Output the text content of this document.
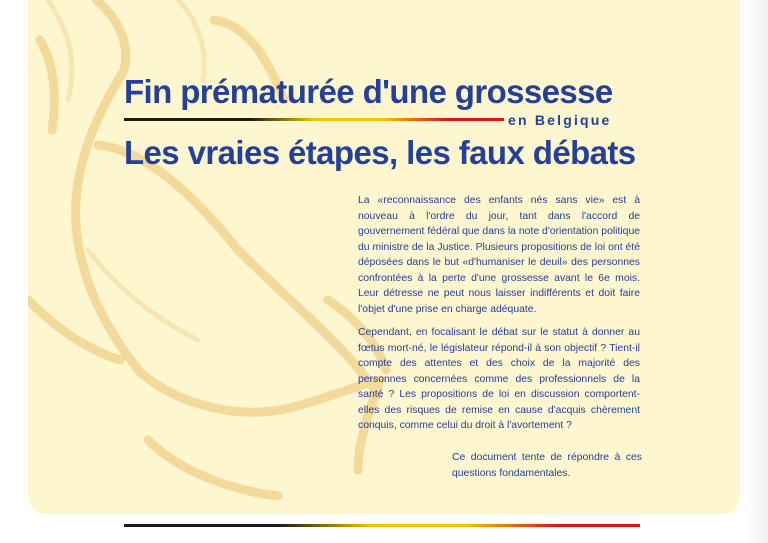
Fin prématurée d'une grossesse
en Belgique
Les vraies étapes, les faux débats

La «reconnaissance des enfants nés sans vie» est à nouveau à l'ordre du jour, tant dans l'accord de gouvernement fédéral que dans la note d'orientation politique du ministre de la Justice. Plusieurs propositions de loi ont été déposées dans le but «d'humaniser le deuil» des personnes confrontées à la perte d'une grossesse avant le 6e mois. Leur détresse ne peut nous laisser indifférents et doit faire l'objet d'une prise en charge adéquate.

Cependant, en focalisant le débat sur le statut à donner au fœtus mort-né, le législateur répond-il à son objectif ? Tient-il compte des attentes et des choix de la majorité des personnes concernées comme des professionnels de la santé ? Les propositions de loi en discussion comportent-elles des risques de remise en cause d'acquis chèrement conquis, comme celui du droit à l'avortement ?

Ce document tente de répondre à ces questions fondamentales.
